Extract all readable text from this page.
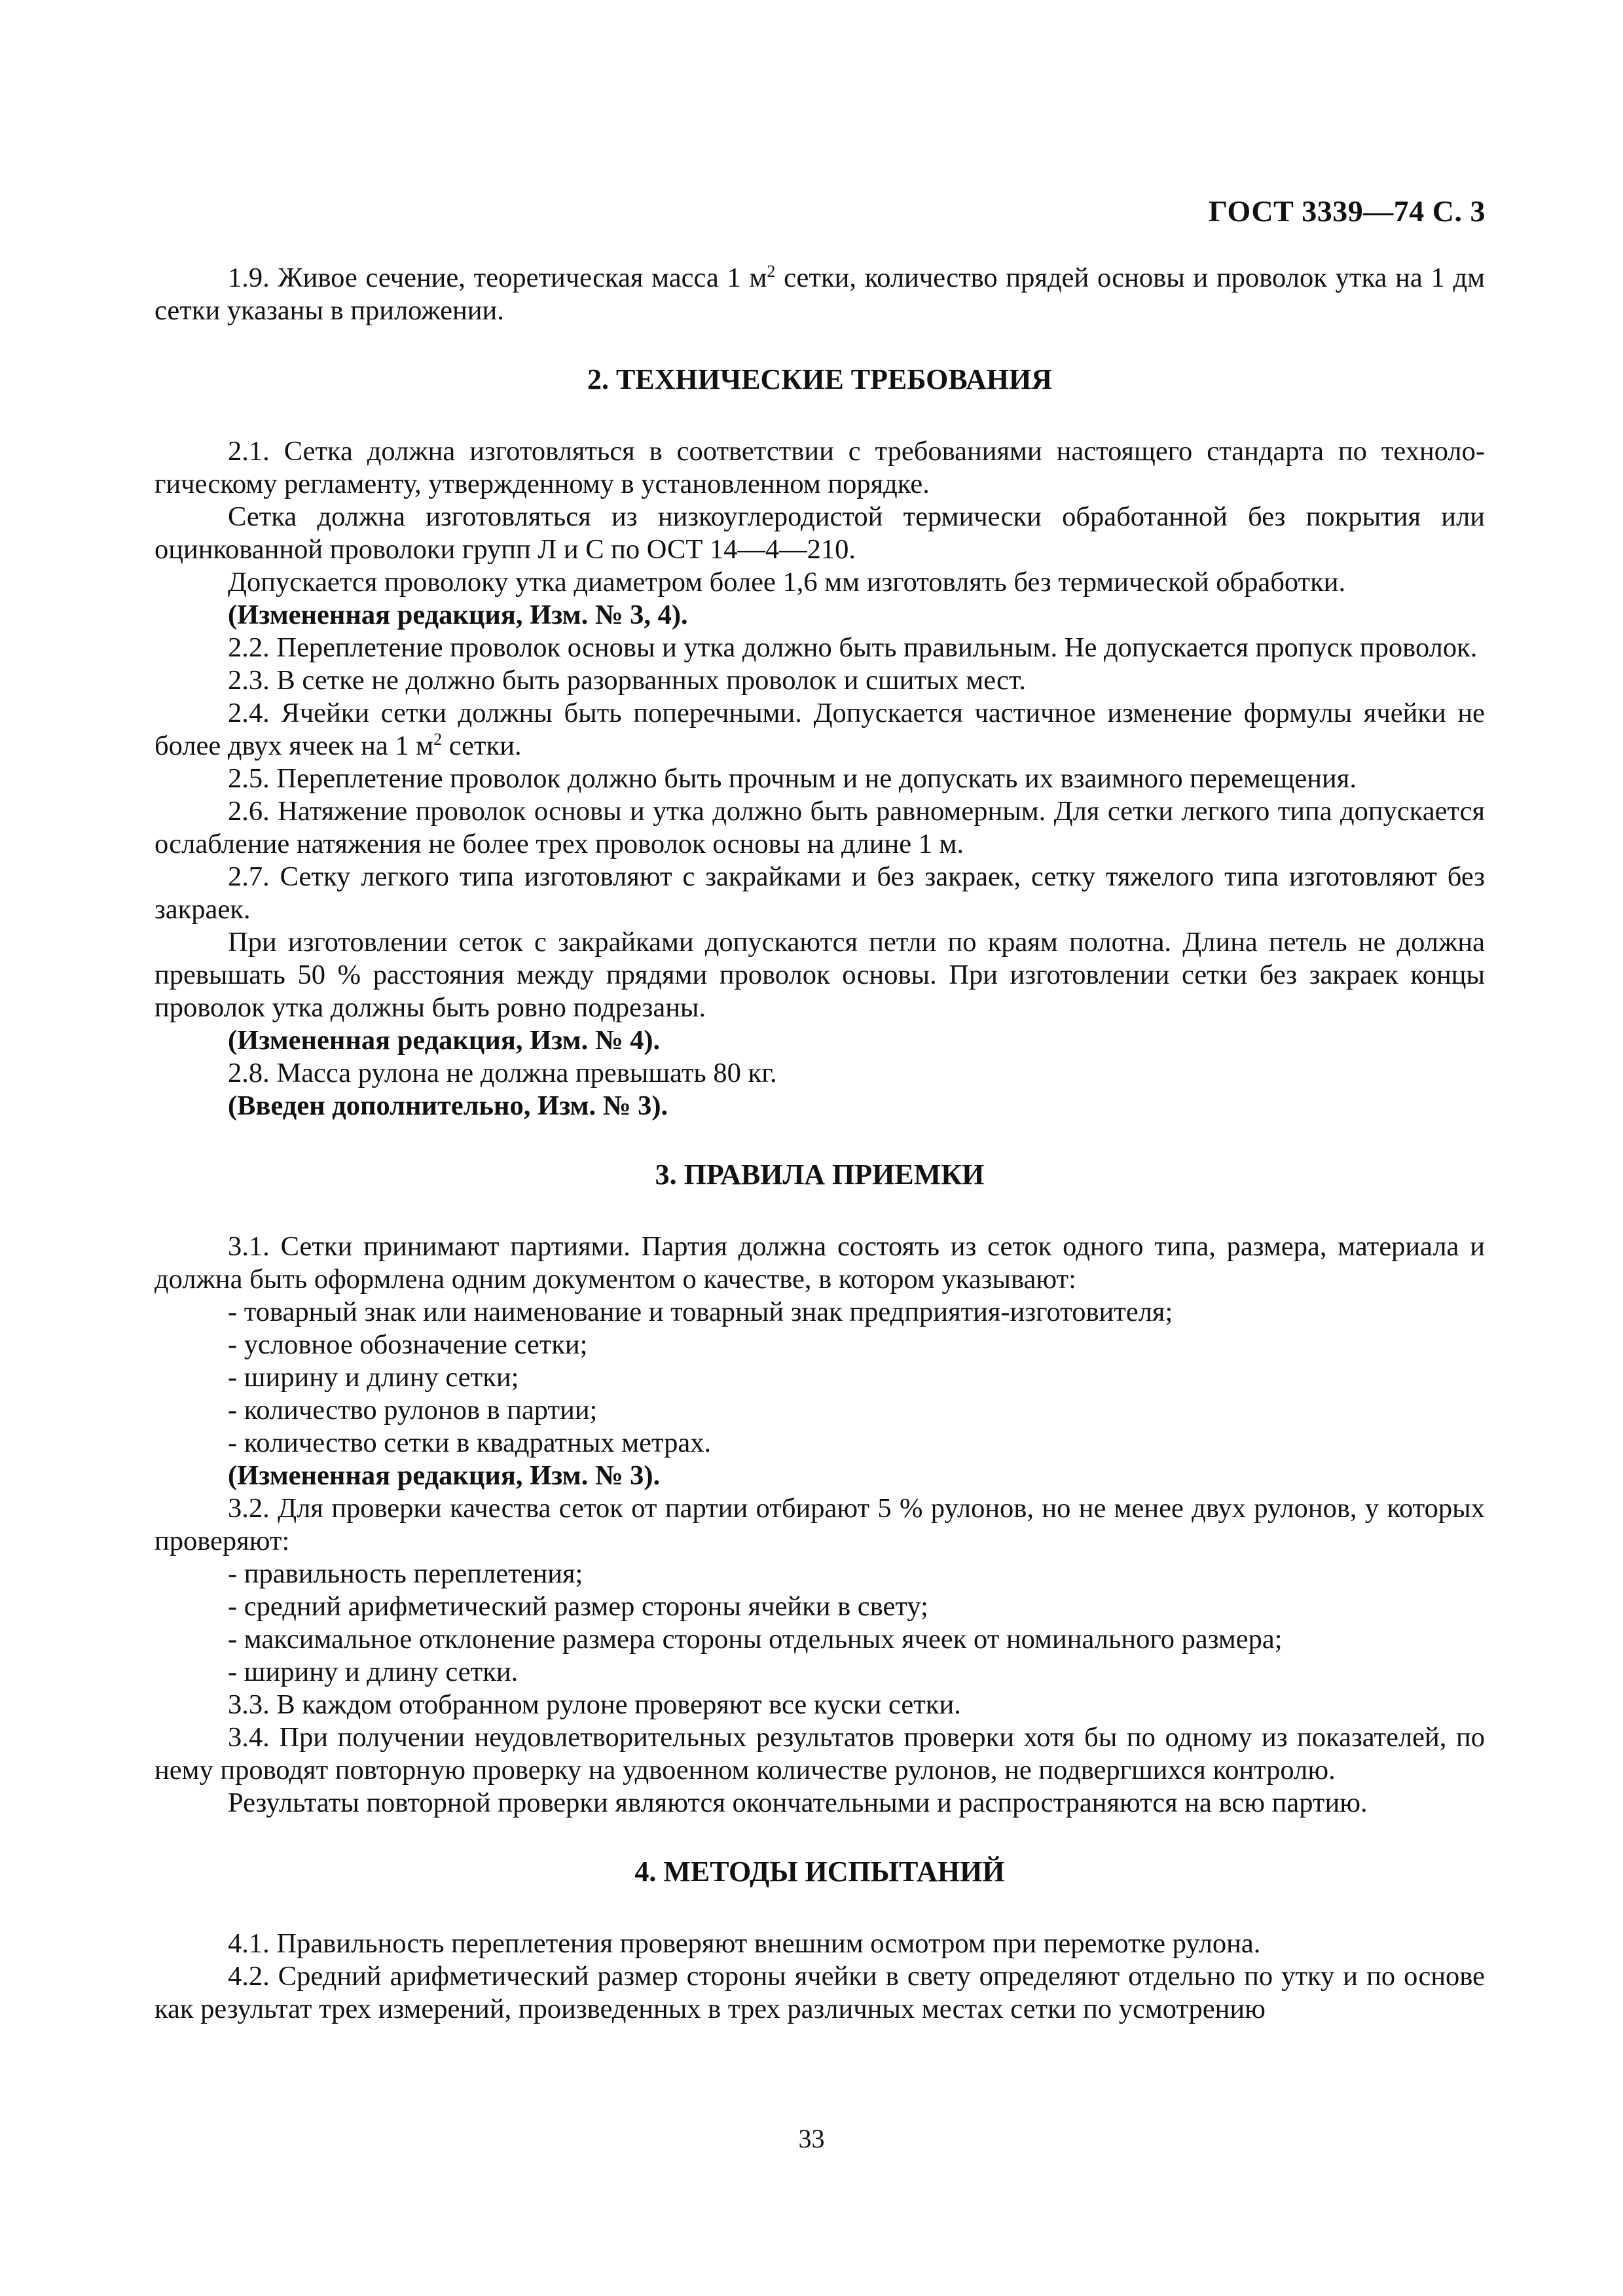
ГОСТ 3339—74 С. 3

1.9. Живое сечение, теоретическая масса 1 $м^2$ сетки, количество прядей основы и проволок утка на 1 дм сетки указаны в приложении.

2. ТЕХНИЧЕСКИЕ ТРЕБОВАНИЯ

2.1. Сетка должна изготовляться в соответствии с требованиями настоящего стандарта по технологическому регламенту, утвержденному в установленном порядке.

Сетка должна изготовляться из низкоуглеродистой термически обработанной без покрытия или оцинкованной проволоки групп Л и С по ОСТ 14—4—210.

Допускается проволоку утка диаметром более 1,6 мм изготовлять без термической обработки.

(Измененная редакция, Изм. № 3, 4).

2.2. Переплетение проволок основы и утка должно быть правильным. Не допускается пропуск проволок.

2.3. В сетке не должно быть разорванных проволок и сшитых мест.

2.4. Ячейки сетки должны быть поперечными. Допускается частичное изменение формулы ячейки не более двух ячеек на 1 $м^2$ сетки.

2.5. Переплетение проволок должно быть прочным и не допускать их взаимного перемещения.

2.6. Натяжение проволок основы и утка должно быть равномерным. Для сетки легкого типа допускается ослабление натяжения не более трех проволок основы на длине 1 м.

2.7. Сетку легкого типа изготовляют с закрайками и без закраек, сетку тяжелого типа изготовляют без закраек.

При изготовлении сеток с закрайками допускаются петли по краям полотна. Длина петель не должна превышать 50 % расстояния между прядями проволок основы. При изготовлении сетки без закраек концы проволок утка должны быть ровно подрезаны.

(Измененная редакция, Изм. № 4).

2.8. Масса рулона не должна превышать 80 кг.

(Введен дополнительно, Изм. № 3).

3. ПРАВИЛА ПРИЕМКИ

3.1. Сетки принимают партиями. Партия должна состоять из сеток одного типа, размера, материала и должна быть оформлена одним документом о качестве, в котором указывают:

- товарный знак или наименование и товарный знак предприятия-изготовителя;

- условное обозначение сетки;

- ширину и длину сетки;

- количество рулонов в партии;

- количество сетки в квадратных метрах.

(Измененная редакция, Изм. № 3).

3.2. Для проверки качества сеток от партии отбирают 5 % рулонов, но не менее двух рулонов, у которых проверяют:

- правильность переплетения;

- средний арифметический размер стороны ячейки в свету;

- максимальное отклонение размера стороны отдельных ячеек от номинального размера;

- ширину и длину сетки.

3.3. В каждом отобранном рулоне проверяют все куски сетки.

3.4. При получении неудовлетворительных результатов проверки хотя бы по одному из показателей, по нему проводят повторную проверку на удвоенном количестве рулонов, не подвергшихся контролю.

Результаты повторной проверки являются окончательными и распространяются на всю партию.

4. МЕТОДЫ ИСПЫТАНИЙ

4.1. Правильность переплетения проверяют внешним осмотром при перемотке рулона.

4.2. Средний арифметический размер стороны ячейки в свету определяют отдельно по утку и по основе как результат трех измерений, произведенных в трех различных местах сетки по усмотрению

33
